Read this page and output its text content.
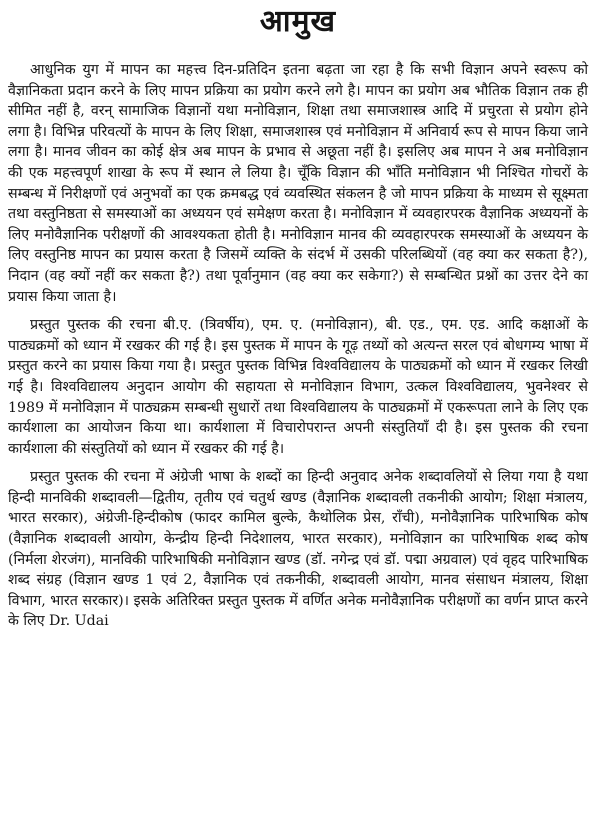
आमुख

आधुनिक युग में मापन का महत्त्व दिन-प्रतिदिन इतना बढ़ता जा रहा है कि सभी विज्ञान अपने स्वरूप को वैज्ञानिकता प्रदान करने के लिए मापन प्रक्रिया का प्रयोग करने लगे है। मापन का प्रयोग अब भौतिक विज्ञान तक ही सीमित नहीं है, वरन् सामाजिक विज्ञानों यथा मनोविज्ञान, शिक्षा तथा समाजशास्त्र आदि में प्रचुरता से प्रयोग होने लगा है। विभिन्न परिवत्यों के मापन के लिए शिक्षा, समाजशास्त्र एवं मनोविज्ञान में अनिवार्य रूप से मापन किया जाने लगा है। मानव जीवन का कोई क्षेत्र अब मापन के प्रभाव से अछूता नहीं है। इसलिए अब मापन ने अब मनोविज्ञान की एक महत्त्वपूर्ण शाखा के रूप में स्थान ले लिया है। चूँकि विज्ञान की भाँति मनोविज्ञान भी निश्चित गोचरों के सम्बन्ध में निरीक्षणों एवं अनुभवों का एक क्रमबद्ध एवं व्यवस्थित संकलन है जो मापन प्रक्रिया के माध्यम से सूक्ष्मता तथा वस्तुनिष्ठता से समस्याओं का अध्ययन एवं समेक्षण करता है। मनोविज्ञान में व्यवहारपरक वैज्ञानिक अध्ययनों के लिए मनोवैज्ञानिक परीक्षणों की आवश्यकता होती है। मनोविज्ञान मानव की व्यवहारपरक समस्याओं के अध्ययन के लिए वस्तुनिष्ठ मापन का प्रयास करता है जिसमें व्यक्ति के संदर्भ में उसकी परिलब्धियों (वह क्या कर सकता है?), निदान (वह क्यों नहीं कर सकता है?) तथा पूर्वानुमान (वह क्या कर सकेगा?) से सम्बन्धित प्रश्नों का उत्तर देने का प्रयास किया जाता है।

प्रस्तुत पुस्तक की रचना बी.ए. (त्रिवर्षीय), एम. ए. (मनोविज्ञान), बी. एड., एम. एड. आदि कक्षाओं के पाठ्यक्रमों को ध्यान में रखकर की गई है। इस पुस्तक में मापन के गूढ़ तथ्यों को अत्यन्त सरल एवं बोधगम्य भाषा में प्रस्तुत करने का प्रयास किया गया है। प्रस्तुत पुस्तक विभिन्न विश्वविद्यालय के पाठ्यक्रमों को ध्यान में रखकर लिखी गई है। विश्वविद्यालय अनुदान आयोग की सहायता से मनोविज्ञान विभाग, उत्कल विश्वविद्यालय, भुवनेश्वर से 1989 में मनोविज्ञान में पाठ्यक्रम सम्बन्धी सुधारों तथा विश्वविद्यालय के पाठ्यक्रमों में एकरूपता लाने के लिए एक कार्यशाला का आयोजन किया था। कार्यशाला में विचारोपरान्त अपनी संस्तुतियाँ दी है। इस पुस्तक की रचना कार्यशाला की संस्तुतियों को ध्यान में रखकर की गई है।

प्रस्तुत पुस्तक की रचना में अंग्रेजी भाषा के शब्दों का हिन्दी अनुवाद अनेक शब्दावलियों से लिया गया है यथा हिन्दी मानविकी शब्दावली—द्वितीय, तृतीय एवं चतुर्थ खण्ड (वैज्ञानिक शब्दावली तकनीकी आयोग; शिक्षा मंत्रालय, भारत सरकार), अंग्रेजी-हिन्दीकोष (फादर कामिल बुल्के, कैथोलिक प्रेस, राँची), मनोवैज्ञानिक पारिभाषिक कोष (वैज्ञानिक शब्दावली आयोग, केन्द्रीय हिन्दी निदेशालय, भारत सरकार), मनोविज्ञान का पारिभाषिक शब्द कोष (निर्मला शेरजंग), मानविकी पारिभाषिकी मनोविज्ञान खण्ड (डॉ. नगेन्द्र एवं डॉ. पद्मा अग्रवाल) एवं वृहद पारिभाषिक शब्द संग्रह (विज्ञान खण्ड 1 एवं 2, वैज्ञानिक एवं तकनीकी, शब्दावली आयोग, मानव संसाधन मंत्रालय, शिक्षा विभाग, भारत सरकार)। इसके अतिरिक्त प्रस्तुत पुस्तक में वर्णित अनेक मनोवैज्ञानिक परीक्षणों का वर्णन प्राप्त करने के लिए Dr. Udai
